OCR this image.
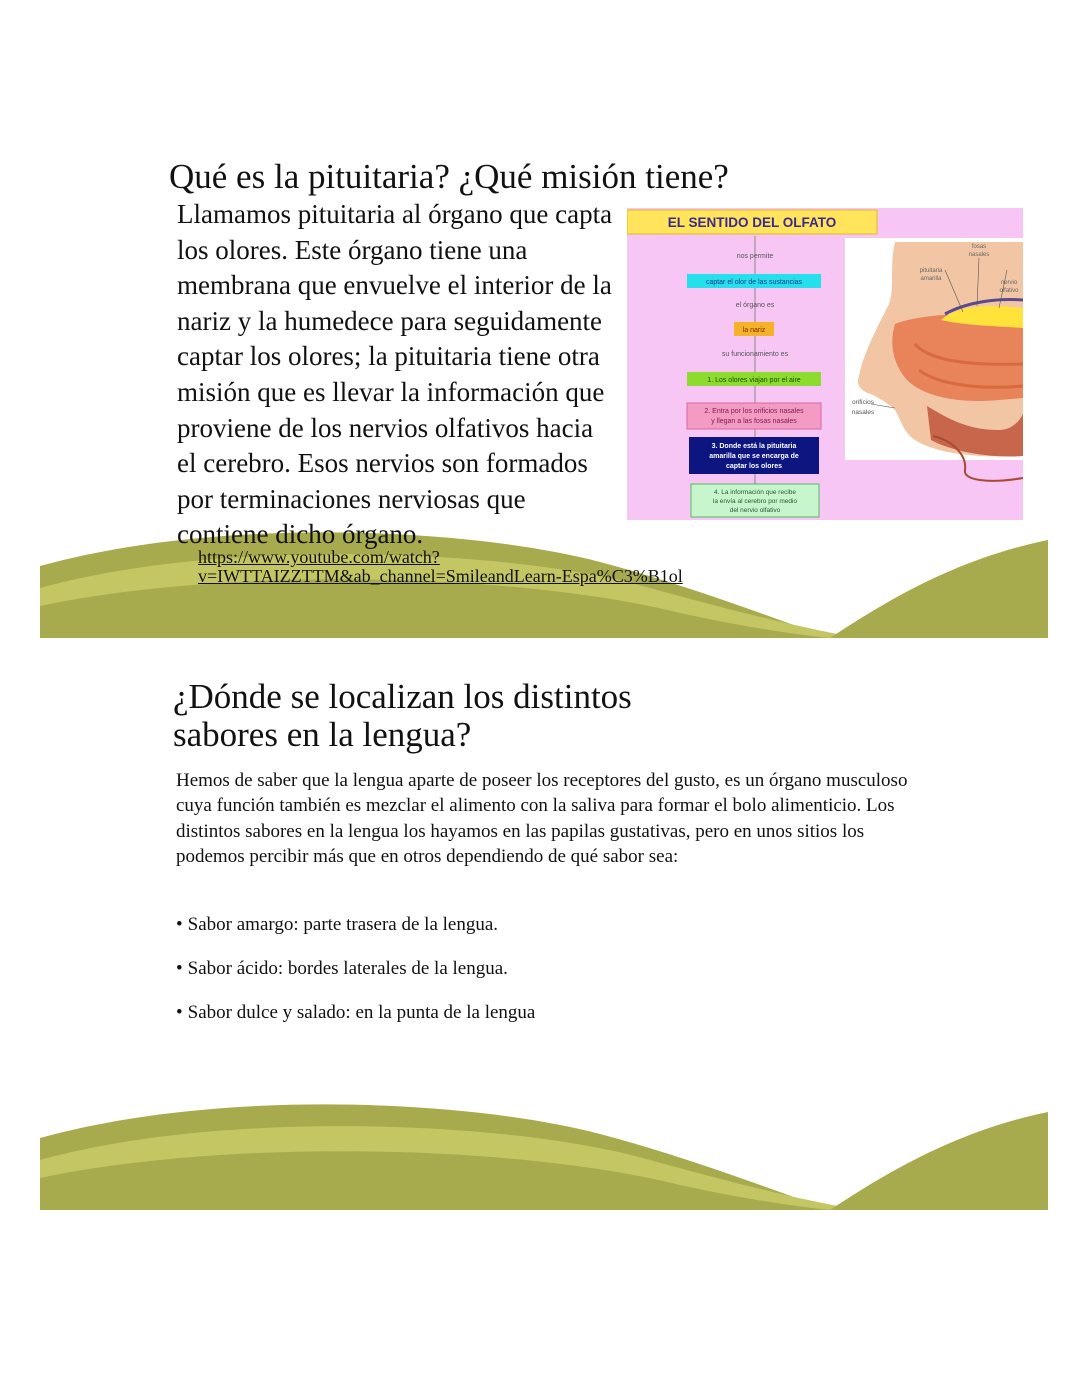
Qué es la pituitaria? ¿Qué misión tiene?

Llamamos pituitaria al órgano que capta los olores. Este órgano tiene una membrana que envuelve el interior de la nariz y la humedece para seguidamente captar los olores; la pituitaria tiene otra misión que es llevar la información que proviene de los nervios olfativos hacia el cerebro. Esos nervios son formados por terminaciones nerviosas que contiene dicho órgano.

https://www.youtube.com/watch?
v=IWTTAIZZTTM&ab_channel=SmileandLearn-Espa%C3%B1ol
EL SENTIDO DEL OLFATO
nos permite
captar el olor de las sustancias
el órgano es
la nariz
su funcionamiento es
1. Los olores viajan por el aire
2. Entra por los orificios nasales
y llegan a las fosas nasales
3. Donde está la pituitaria
amarilla que se encarga de
captar los olores
4. La información que recibe
la envía al cerebro por medio
del nervio olfativo
fosas
nasales
pituitaria
amarilla
nervio
olfativo
orificios
nasales
¿Dónde se localizan los distintos sabores en la lengua?

Hemos de saber que la lengua aparte de poseer los receptores del gusto, es un órgano musculoso cuya función también es mezclar el alimento con la saliva para formar el bolo alimenticio. Los distintos sabores en la lengua los hayamos en las papilas gustativas, pero en unos sitios los podemos percibir más que en otros dependiendo de qué sabor sea:

• Sabor amargo: parte trasera de la lengua.
• Sabor ácido: bordes laterales de la lengua.
• Sabor dulce y salado: en la punta de la lengua
